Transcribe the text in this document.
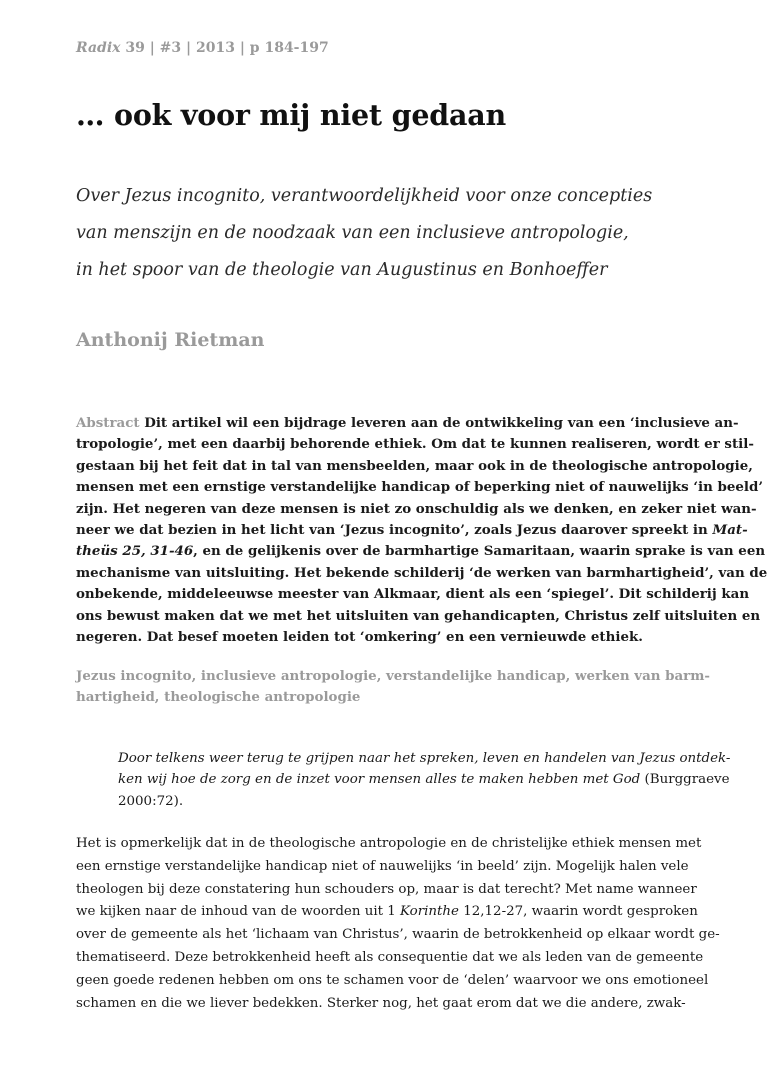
Radix 39 | #3 | 2013 | p 184-197
… ook voor mij niet gedaan
Over Jezus incognito, verantwoordelijkheid voor onze concepties
van menszijn en de noodzaak van een inclusieve antropologie,
in het spoor van de theologie van Augustinus en Bonhoeffer
Anthonij Rietman
Abstract Dit artikel wil een bijdrage leveren aan de ontwikkeling van een ‘inclusieve an-
tropologie’, met een daarbij behorende ethiek. Om dat te kunnen realiseren, wordt er stil-
gestaan bij het feit dat in tal van mensbeelden, maar ook in de theologische antropologie,
mensen met een ernstige verstandelijke handicap of beperking niet of nauwelijks ‘in beeld’
zijn. Het negeren van deze mensen is niet zo onschuldig als we denken, en zeker niet wan-
neer we dat bezien in het licht van ‘Jezus incognito’, zoals Jezus daarover spreekt in Mat-
theüs 25, 31-46, en de gelijkenis over de barmhartige Samaritaan, waarin sprake is van een
mechanisme van uitsluiting. Het bekende schilderij ‘de werken van barmhartigheid’, van de
onbekende, middeleeuwse meester van Alkmaar, dient als een ‘spiegel’. Dit schilderij kan
ons bewust maken dat we met het uitsluiten van gehandicapten, Christus zelf uitsluiten en
negeren. Dat besef moeten leiden tot ‘omkering’ en een vernieuwde ethiek.
Jezus incognito, inclusieve antropologie, verstandelijke handicap, werken van barm-
hartigheid, theologische antropologie
Door telkens weer terug te grijpen naar het spreken, leven en handelen van Jezus ontdek-
ken wij hoe de zorg en de inzet voor mensen alles te maken hebben met God (Burggraeve
2000:72).
Het is opmerkelijk dat in de theologische antropologie en de christelijke ethiek mensen met
een ernstige verstandelijke handicap niet of nauwelijks ‘in beeld’ zijn. Mogelijk halen vele
theologen bij deze constatering hun schouders op, maar is dat terecht? Met name wanneer
we kijken naar de inhoud van de woorden uit 1 Korinthe 12,12-27, waarin wordt gesproken
over de gemeente als het ‘lichaam van Christus’, waarin de betrokkenheid op elkaar wordt ge-
thematiseerd. Deze betrokkenheid heeft als consequentie dat we als leden van de gemeente
geen goede redenen hebben om ons te schamen voor de ‘delen’ waarvoor we ons emotioneel
schamen en die we liever bedekken. Sterker nog, het gaat erom dat we die andere, zwak-
